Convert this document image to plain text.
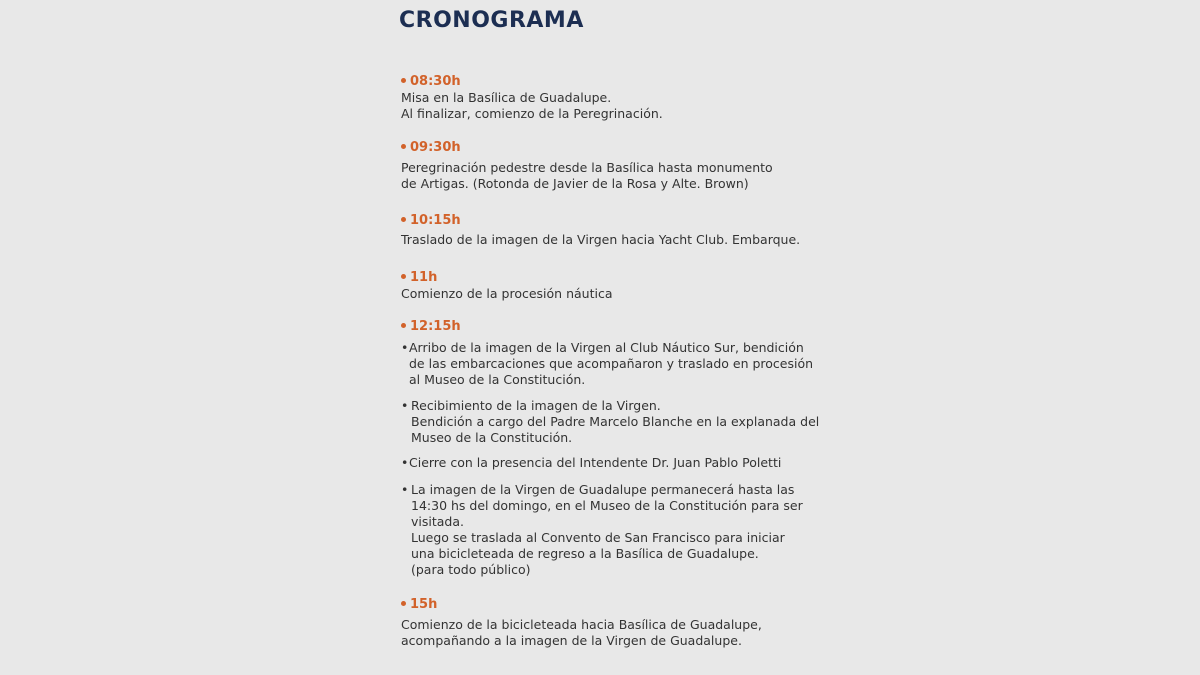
CRONOGRAMA
08:30h
Misa en la Basílica de Guadalupe.
Al finalizar, comienzo de la Peregrinación.
09:30h
Peregrinación pedestre desde la Basílica hasta monumento
de Artigas. (Rotonda de Javier de la Rosa y Alte. Brown)
10:15h
Traslado de la imagen de la Virgen hacia Yacht Club. Embarque.
11h
Comienzo de la procesión náutica
12:15h
• Arribo de la imagen de la Virgen al Club Náutico Sur, bendición
de las embarcaciones que acompañaron y traslado en procesión
al Museo de la Constitución.
• Recibimiento de la imagen de la Virgen.
Bendición a cargo del Padre Marcelo Blanche en la explanada del
Museo de la Constitución.
• Cierre con la presencia del Intendente Dr. Juan Pablo Poletti
• La imagen de la Virgen de Guadalupe permanecerá hasta las
14:30 hs del domingo, en el Museo de la Constitución para ser
visitada.
Luego se traslada al Convento de San Francisco para iniciar
una bicicleteada de regreso a la Basílica de Guadalupe.
(para todo público)
15h
Comienzo de la bicicleteada hacia Basílica de Guadalupe,
acompañando a la imagen de la Virgen de Guadalupe.
